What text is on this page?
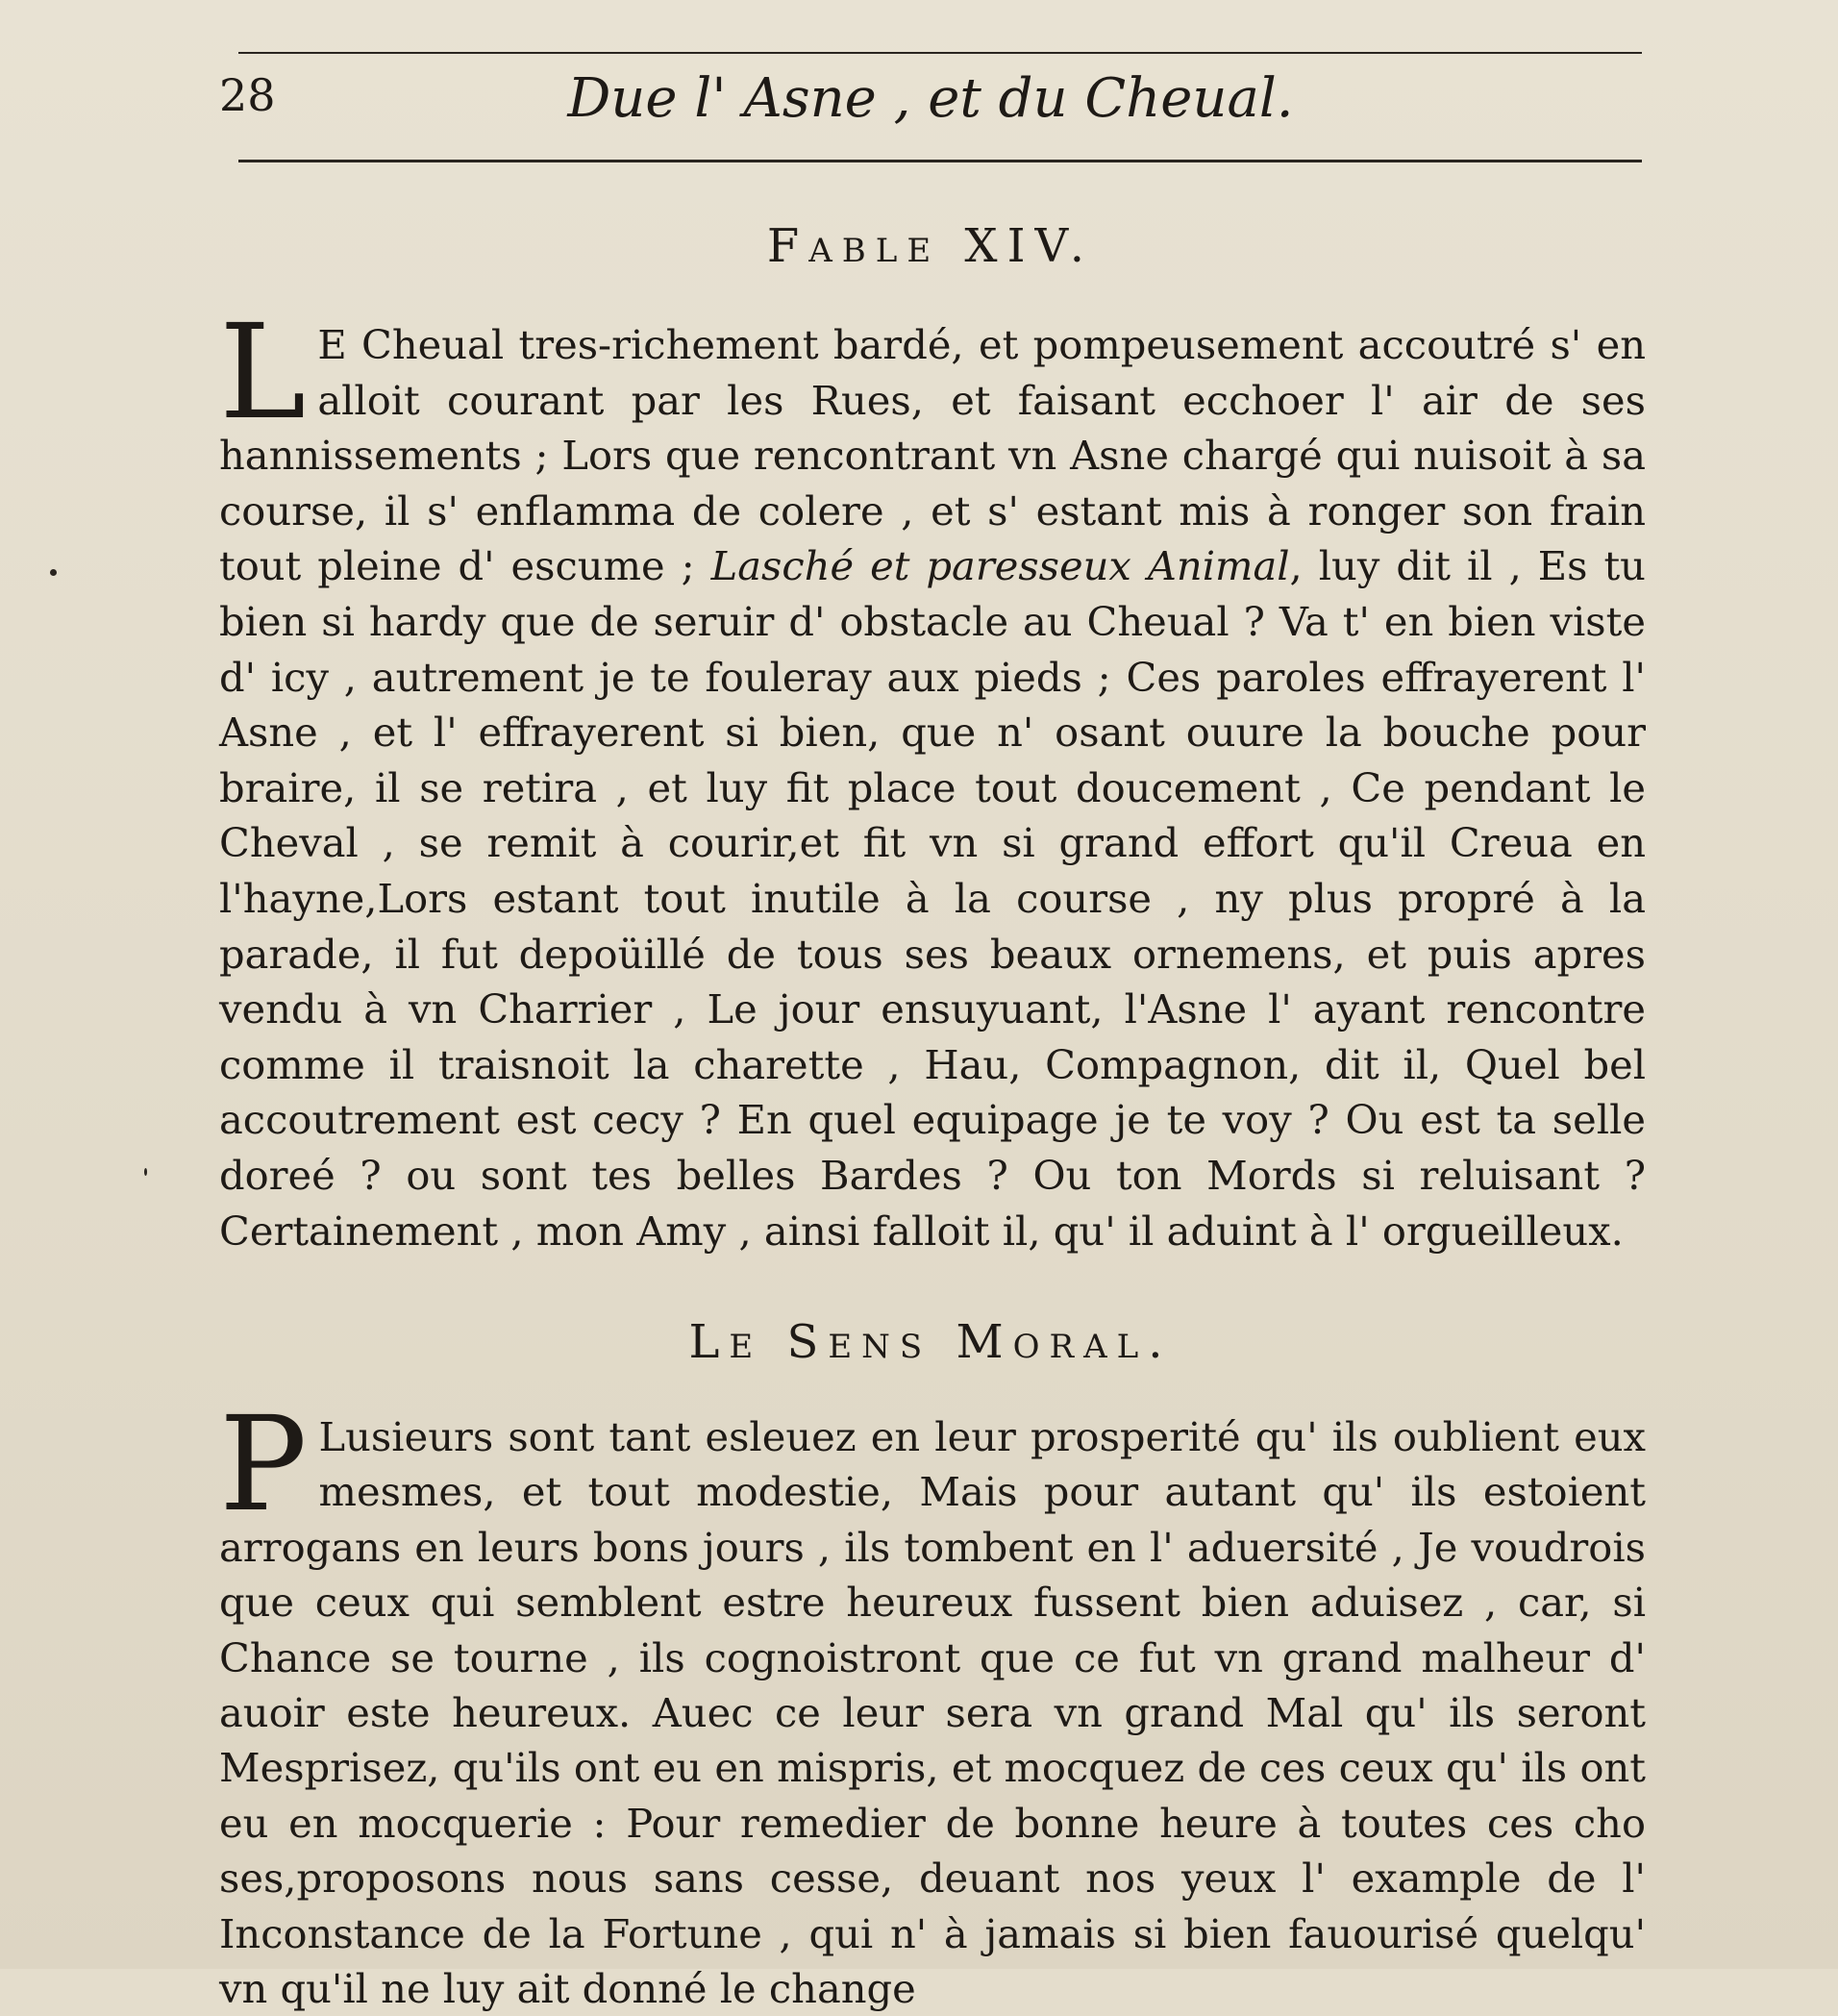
28	Due l' Asne , et du Cheual.
Fable XIV.

L E Cheual tres-richement bardé, et pompeusement accoutré s' en alloit courant par les Rues, et faisant ecchoer l' air de ses hannissements ; Lors que rencontrant vn Asne chargé qui nuisoit à sa course, il s' enflamma de colere , et s' estant mis à ronger son frain tout pleine d' escume ; Lasché et paresseux Animal, luy dit il , Es tu bien si hardy que de seruir d' obstacle au Cheual ? Va t' en bien viste d' icy , autrement je te fouleray aux pieds ; Ces paroles effrayerent l' Asne , et l' effrayerent si bien, que n' osant ouure la bouche pour braire, il se retira , et luy fit place tout doucement , Ce pendant le Cheval , se remit à courir,et fit vn si grand effort qu'il Creua en l'hayne,Lors estant tout inutile à la course , ny plus propré à la parade, il fut depoüillé de tous ses beaux ornemens, et puis apres vendu à vn Charrier , Le jour ensuyuant, l'Asne l' ayant rencontre comme il traisnoit la charette , Hau, Compagnon, dit il, Quel bel accoutrement est cecy ? En quel equipage je te voy ? Ou est ta selle doreé ? ou sont tes belles Bardes ? Ou ton Mords si reluisant ? Certainement , mon Amy , ainsi falloit il, qu' il aduint à l' orgueilleux.

Le Sens Moral.

P Lusieurs sont tant esleuez en leur prosperité qu' ils oublient eux mesmes, et tout modestie, Mais pour autant qu' ils estoient arrogans en leurs bons jours , ils tombent en l' aduersité , Je voudrois que ceux qui semblent estre heureux fussent bien aduisez , car, si Chance se tourne , ils cognoistront que ce fut vn grand malheur d' auoir este heureux. Auec ce leur sera vn grand Mal qu' ils seront Mesprisez, qu'ils ont eu en mispris, et mocquez de ces ceux qu' ils ont eu en mocquerie : Pour remedier de bonne heure à toutes ces cho ses,proposons nous sans cesse, deuant nos yeux l' example de l' Inconstance de la Fortune , qui n' à jamais si bien fauourisé quelqu' vn qu'il ne luy ait donné le change
